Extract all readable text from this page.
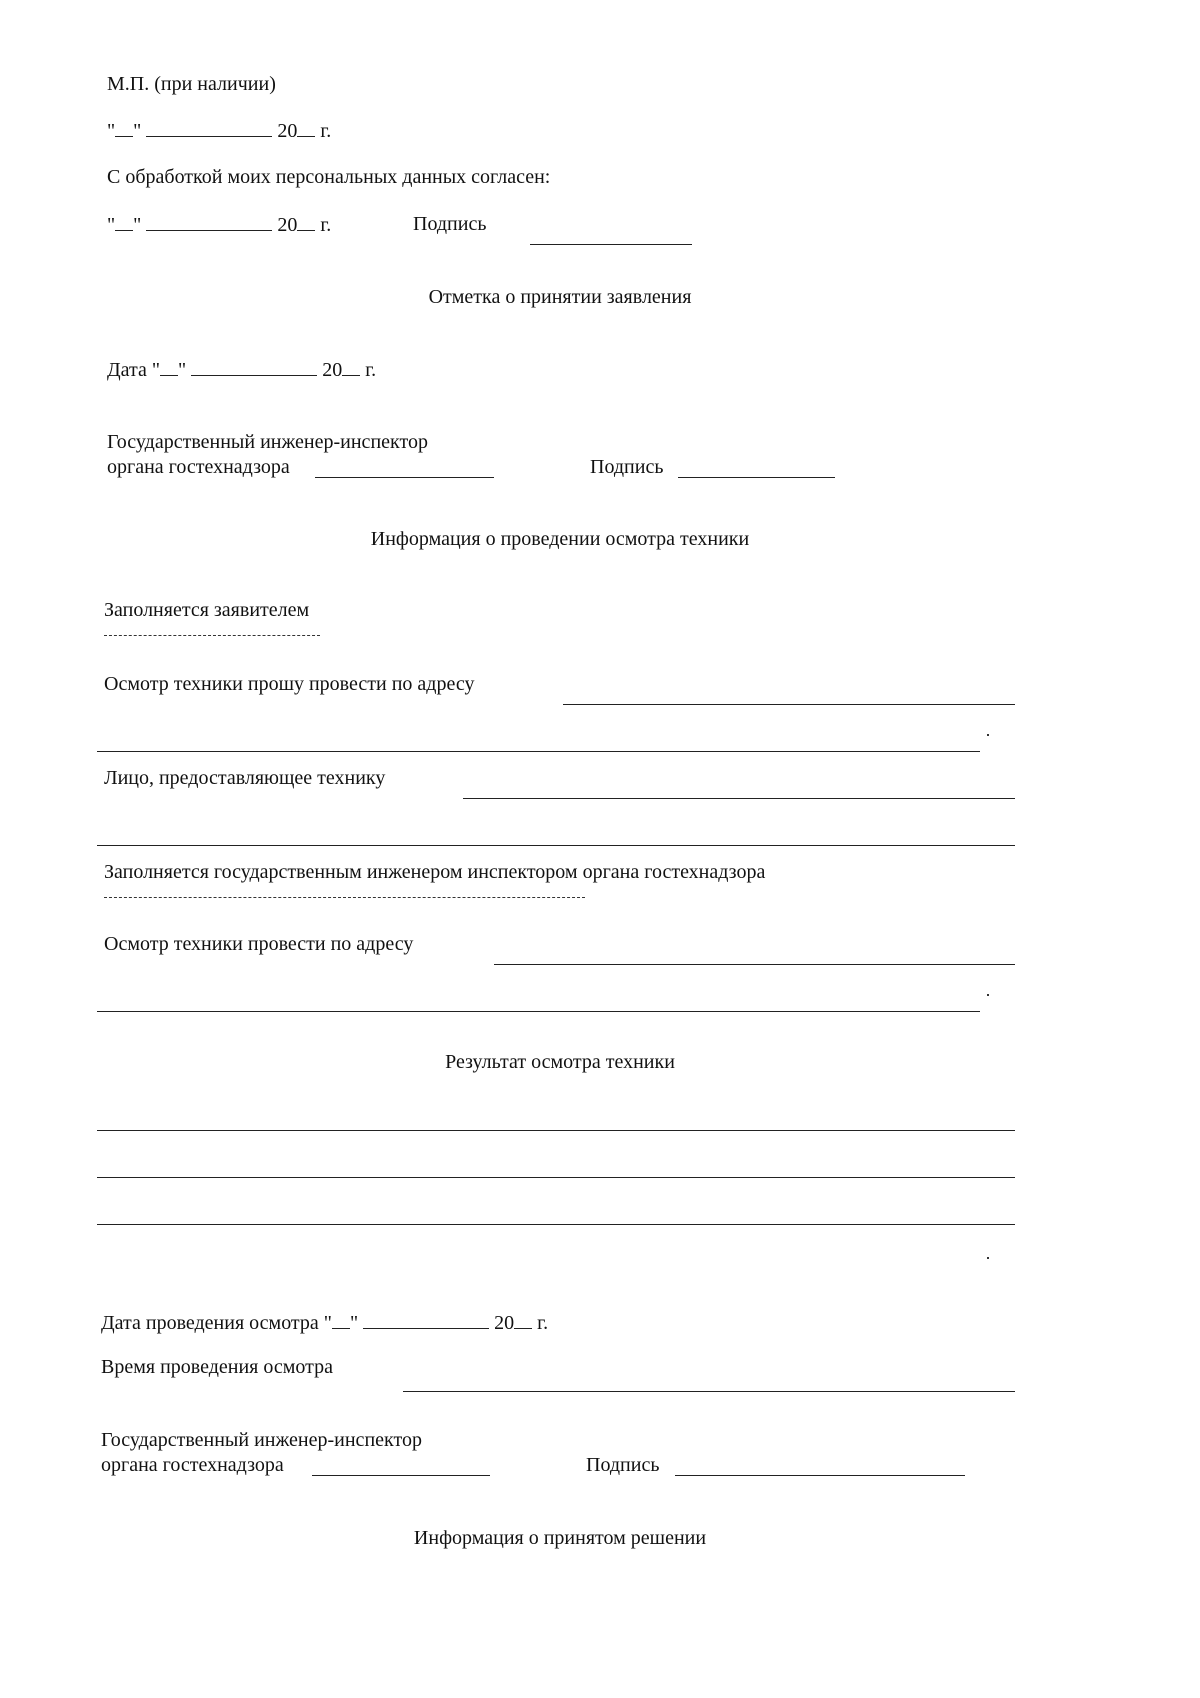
М.П. (при наличии)
" "	20 г.
С обработкой моих персональных данных согласен:
" "	20 г.	Подпись
Отметка о принятии заявления
Дата " "	20 г.
Государственный инженер-инспектор
органа гостехнадзора	Подпись
Информация о проведении осмотра техники
Заполняется заявителем
Осмотр техники прошу провести по адресу
Лицо, предоставляющее технику
Заполняется государственным инженером инспектором органа гостехнадзора
Осмотр техники провести по адресу
Результат осмотра техники
Дата проведения осмотра " "	20 г.
Время проведения осмотра
Государственный инженер-инспектор
органа гостехнадзора	Подпись
Информация о принятом решении
